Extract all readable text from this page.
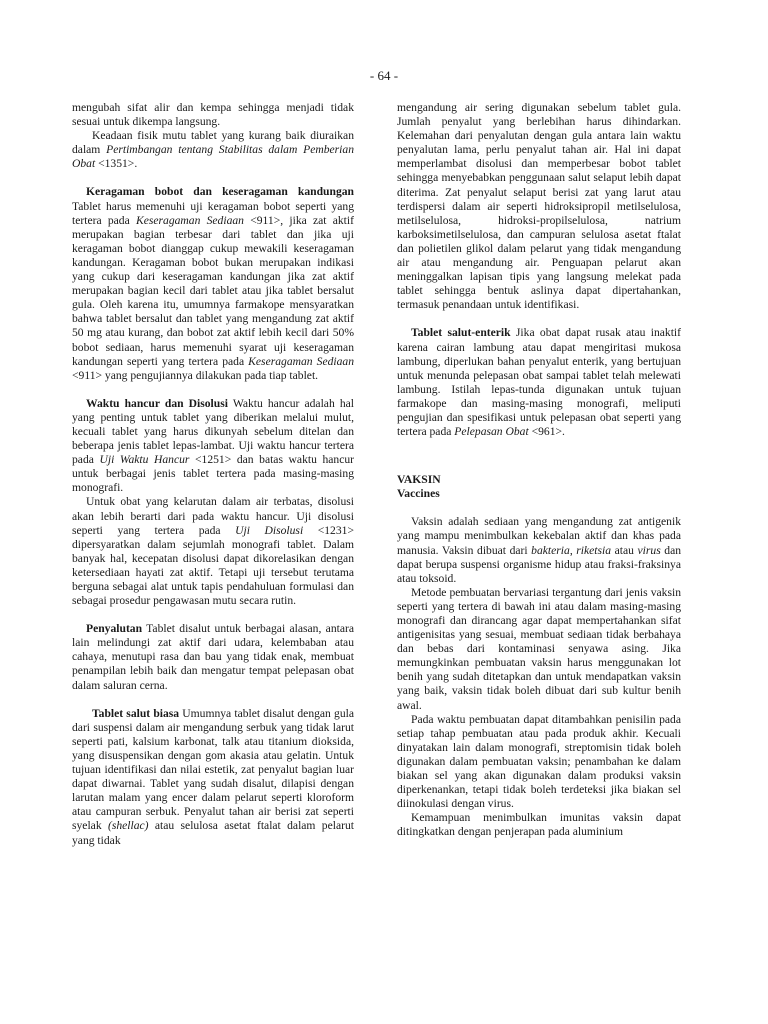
- 64 -

mengubah sifat alir dan kempa sehingga menjadi tidak sesuai untuk dikempa langsung.

Keadaan fisik mutu tablet yang kurang baik diuraikan dalam Pertimbangan tentang Stabilitas dalam Pemberian Obat <1351>.

Keragaman bobot dan keseragaman kandungan Tablet harus memenuhi uji keragaman bobot seperti yang tertera pada Keseragaman Sediaan <911>, jika zat aktif merupakan bagian terbesar dari tablet dan jika uji keragaman bobot dianggap cukup mewakili keseragaman kandungan. Keragaman bobot bukan merupakan indikasi yang cukup dari keseragaman kandungan jika zat aktif merupakan bagian kecil dari tablet atau jika tablet bersalut gula. Oleh karena itu, umumnya farmakope mensyaratkan bahwa tablet bersalut dan tablet yang mengandung zat aktif 50 mg atau kurang, dan bobot zat aktif lebih kecil dari 50% bobot sediaan, harus memenuhi syarat uji keseragaman kandungan seperti yang tertera pada Keseragaman Sediaan <911> yang pengujiannya dilakukan pada tiap tablet.

Waktu hancur dan Disolusi Waktu hancur adalah hal yang penting untuk tablet yang diberikan melalui mulut, kecuali tablet yang harus dikunyah sebelum ditelan dan beberapa jenis tablet lepas-lambat. Uji waktu hancur tertera pada Uji Waktu Hancur <1251> dan batas waktu hancur untuk berbagai jenis tablet tertera pada masing-masing monografi.

Untuk obat yang kelarutan dalam air terbatas, disolusi akan lebih berarti dari pada waktu hancur. Uji disolusi seperti yang tertera pada Uji Disolusi <1231> dipersyaratkan dalam sejumlah monografi tablet. Dalam banyak hal, kecepatan disolusi dapat dikorelasikan dengan ketersediaan hayati zat aktif. Tetapi uji tersebut terutama berguna sebagai alat untuk tapis pendahuluan formulasi dan sebagai prosedur pengawasan mutu secara rutin.

Penyalutan Tablet disalut untuk berbagai alasan, antara lain melindungi zat aktif dari udara, kelembaban atau cahaya, menutupi rasa dan bau yang tidak enak, membuat penampilan lebih baik dan mengatur tempat pelepasan obat dalam saluran cerna.

Tablet salut biasa Umumnya tablet disalut dengan gula dari suspensi dalam air mengandung serbuk yang tidak larut seperti pati, kalsium karbonat, talk atau titanium dioksida, yang disuspensikan dengan gom akasia atau gelatin. Untuk tujuan identifikasi dan nilai estetik, zat penyalut bagian luar dapat diwarnai. Tablet yang sudah disalut, dilapisi dengan larutan malam yang encer dalam pelarut seperti kloroform atau campuran serbuk. Penyalut tahan air berisi zat seperti syelak (shellac) atau selulosa asetat ftalat dalam pelarut yang tidak

mengandung air sering digunakan sebelum tablet gula. Jumlah penyalut yang berlebihan harus dihindarkan. Kelemahan dari penyalutan dengan gula antara lain waktu penyalutan lama, perlu penyalut tahan air. Hal ini dapat memperlambat disolusi dan memperbesar bobot tablet sehingga menyebabkan penggunaan salut selaput lebih dapat diterima. Zat penyalut selaput berisi zat yang larut atau terdispersi dalam air seperti hidroksipropil metilselulosa, metilselulosa, hidroksi-propilselulosa, natrium karboksimetilselulosa, dan campuran selulosa asetat ftalat dan polietilen glikol dalam pelarut yang tidak mengandung air atau mengandung air. Penguapan pelarut akan meninggalkan lapisan tipis yang langsung melekat pada tablet sehingga bentuk aslinya dapat dipertahankan, termasuk penandaan untuk identifikasi.

Tablet salut-enterik Jika obat dapat rusak atau inaktif karena cairan lambung atau dapat mengiritasi mukosa lambung, diperlukan bahan penyalut enterik, yang bertujuan untuk menunda pelepasan obat sampai tablet telah melewati lambung. Istilah lepas-tunda digunakan untuk tujuan farmakope dan masing-masing monografi, meliputi pengujian dan spesifikasi untuk pelepasan obat seperti yang tertera pada Pelepasan Obat <961>.

VAKSIN

Vaccines

Vaksin adalah sediaan yang mengandung zat antigenik yang mampu menimbulkan kekebalan aktif dan khas pada manusia. Vaksin dibuat dari bakteria, riketsia atau virus dan dapat berupa suspensi organisme hidup atau fraksi-fraksinya atau toksoid.

Metode pembuatan bervariasi tergantung dari jenis vaksin seperti yang tertera di bawah ini atau dalam masing-masing monografi dan dirancang agar dapat mempertahankan sifat antigenisitas yang sesuai, membuat sediaan tidak berbahaya dan bebas dari kontaminasi senyawa asing. Jika memungkinkan pembuatan vaksin harus menggunakan lot benih yang sudah ditetapkan dan untuk mendapatkan vaksin yang baik, vaksin tidak boleh dibuat dari sub kultur benih awal.

Pada waktu pembuatan dapat ditambahkan penisilin pada setiap tahap pembuatan atau pada produk akhir. Kecuali dinyatakan lain dalam monografi, streptomisin tidak boleh digunakan dalam pembuatan vaksin; penambahan ke dalam biakan sel yang akan digunakan dalam produksi vaksin diperkenankan, tetapi tidak boleh terdeteksi jika biakan sel diinokulasi dengan virus.

Kemampuan menimbulkan imunitas vaksin dapat ditingkatkan dengan penjerapan pada aluminium
